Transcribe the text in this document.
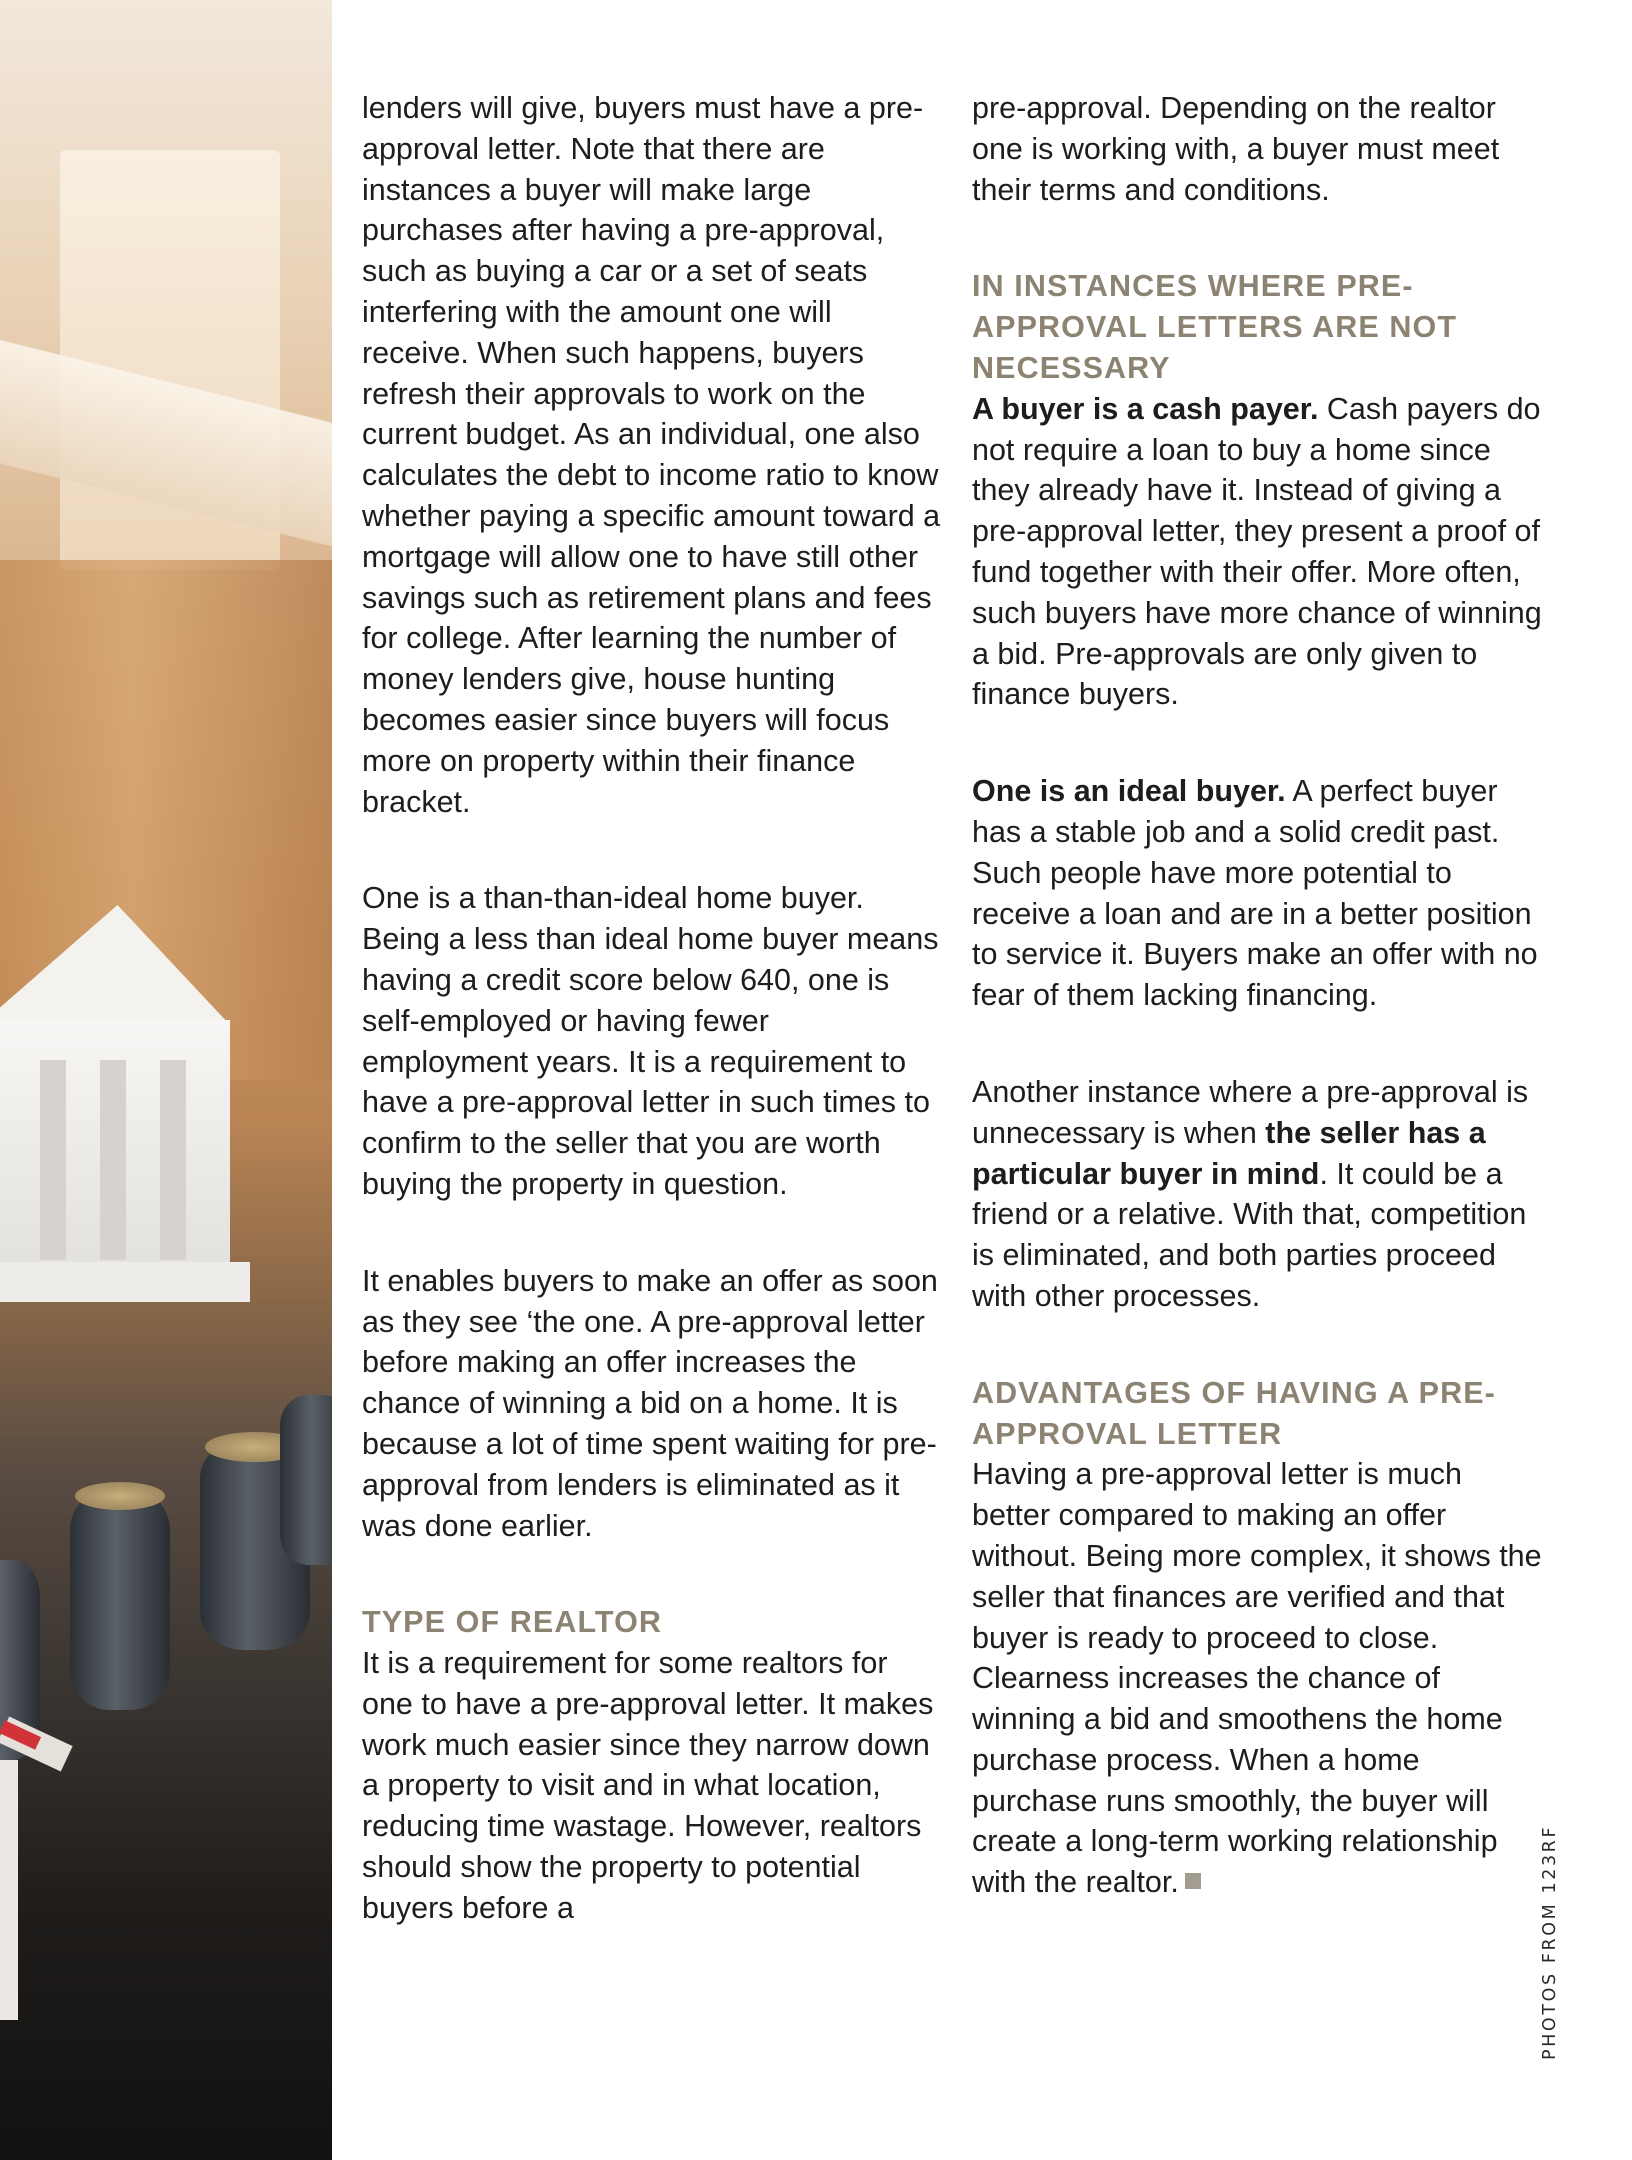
lenders will give, buyers must have a pre-approval letter. Note that there are instances a buyer will make large purchases after having a pre-approval, such as buying a car or a set of seats interfering with the amount one will receive. When such happens, buyers refresh their approvals to work on the current budget. As an individual, one also calculates the debt to income ratio to know whether paying a specific amount toward a mortgage will allow one to have still other savings such as retirement plans and fees for college. After learning the number of money lenders give, house hunting becomes easier since buyers will focus more on property within their finance bracket.

One is a than-than-ideal home buyer. Being a less than ideal home buyer means having a credit score below 640, one is self-employed or having fewer employment years. It is a requirement to have a pre-approval letter in such times to confirm to the seller that you are worth buying the property in question.

It enables buyers to make an offer as soon as they see ‘the one. A pre-approval letter before making an offer increases the chance of winning a bid on a home. It is because a lot of time spent waiting for pre-approval from lenders is eliminated as it was done earlier.

TYPE OF REALTOR

It is a requirement for some realtors for one to have a pre-approval letter. It makes work much easier since they narrow down a property to visit and in what location, reducing time wastage. However, realtors should show the property to potential buyers before a

pre-approval. Depending on the realtor one is working with, a buyer must meet their terms and conditions.

IN INSTANCES WHERE PRE-APPROVAL LETTERS ARE NOT NECESSARY

A buyer is a cash payer. Cash payers do not require a loan to buy a home since they already have it. Instead of giving a pre-approval letter, they present a proof of fund together with their offer. More often, such buyers have more chance of winning a bid. Pre-approvals are only given to finance buyers.

One is an ideal buyer. A perfect buyer has a stable job and a solid credit past. Such people have more potential to receive a loan and are in a better position to service it. Buyers make an offer with no fear of them lacking financing.

Another instance where a pre-approval is unnecessary is when the seller has a particular buyer in mind. It could be a friend or a relative. With that, competition is eliminated, and both parties proceed with other processes.

ADVANTAGES OF HAVING A PRE-APPROVAL LETTER

Having a pre-approval letter is much better compared to making an offer without. Being more complex, it shows the seller that finances are verified and that buyer is ready to proceed to close. Clearness increases the chance of winning a bid and smoothens the home purchase process. When a home purchase runs smoothly, the buyer will create a long-term working relationship with the realtor.	PHOTOS FROM 123RF
